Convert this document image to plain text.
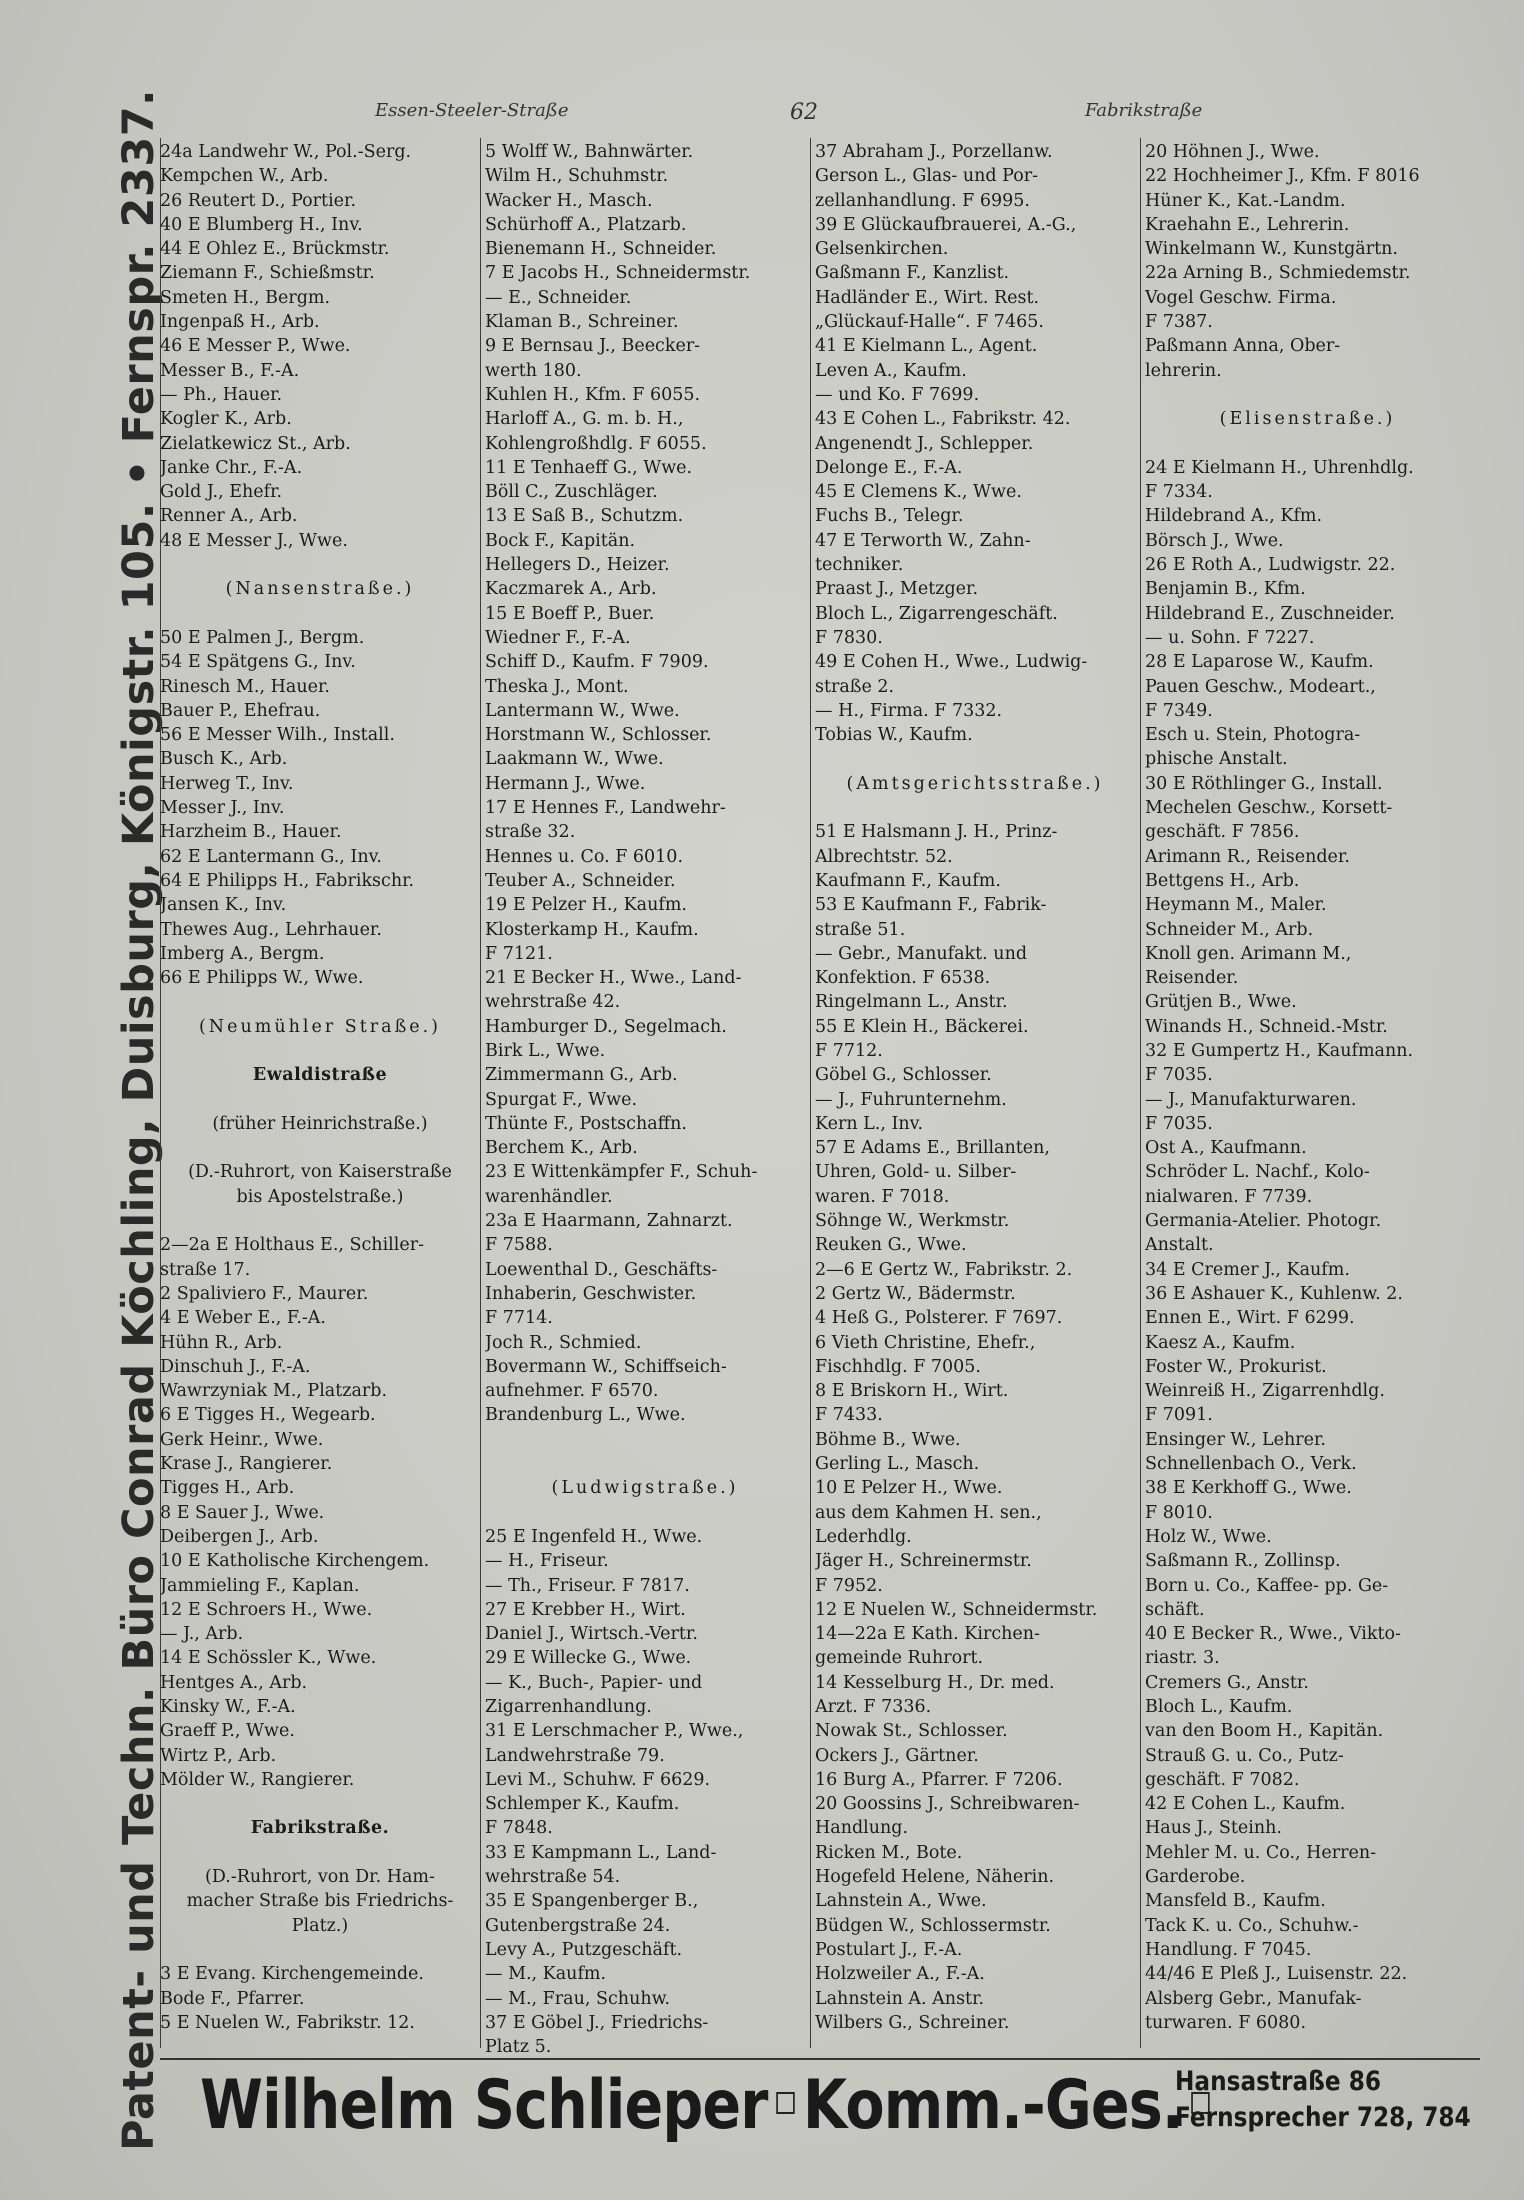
Patent- und Techn. Büro Conrad Köchling, Duisburg, Königstr. 105. • Fernspr. 2337.	Essen-Steeler-Straße	62	Fabrikstraße
24a Landwehr W., Pol.-Serg.
Kempchen W., Arb.
26 Reutert D., Portier.
40 E Blumberg H., Inv.
44 E Ohlez E., Brückmstr.
Ziemann F., Schießmstr.
Smeten H., Bergm.
Ingenpaß H., Arb.
46 E Messer P., Wwe.
Messer B., F.-A.
— Ph., Hauer.
Kogler K., Arb.
Zielatkewicz St., Arb.
Janke Chr., F.-A.
Gold J., Ehefr.
Renner A., Arb.
48 E Messer J., Wwe.
(Nansenstraße.)
50 E Palmen J., Bergm.
54 E Spätgens G., Inv.
Rinesch M., Hauer.
Bauer P., Ehefrau.
56 E Messer Wilh., Install.
Busch K., Arb.
Herweg T., Inv.
Messer J., Inv.
Harzheim B., Hauer.
62 E Lantermann G., Inv.
64 E Philipps H., Fabrikschr.
Jansen K., Inv.
Thewes Aug., Lehrhauer.
Imberg A., Bergm.
66 E Philipps W., Wwe.
(Neumühler Straße.)
Ewaldistraße
(früher Heinrichstraße.)
(D.-Ruhrort, von Kaiserstraße
bis Apostelstraße.)
2—2a E Holthaus E., Schiller-
straße 17.
2 Spaliviero F., Maurer.
4 E Weber E., F.-A.
Hühn R., Arb.
Dinschuh J., F.-A.
Wawrzyniak M., Platzarb.
6 E Tigges H., Wegearb.
Gerk Heinr., Wwe.
Krase J., Rangierer.
Tigges H., Arb.
8 E Sauer J., Wwe.
Deibergen J., Arb.
10 E Katholische Kirchengem.
Jammieling F., Kaplan.
12 E Schroers H., Wwe.
— J., Arb.
14 E Schössler K., Wwe.
Hentges A., Arb.
Kinsky W., F.-A.
Graeff P., Wwe.
Wirtz P., Arb.
Mölder W., Rangierer.
Fabrikstraße.
(D.-Ruhrort, von Dr. Ham-
macher Straße bis Friedrichs-
Platz.)
3 E Evang. Kirchengemeinde.
Bode F., Pfarrer.
5 E Nuelen W., Fabrikstr. 12.
5 Wolff W., Bahnwärter.
Wilm H., Schuhmstr.
Wacker H., Masch.
Schürhoff A., Platzarb.
Bienemann H., Schneider.
7 E Jacobs H., Schneidermstr.
— E., Schneider.
Klaman B., Schreiner.
9 E Bernsau J., Beecker-
werth 180.
Kuhlen H., Kfm. F 6055.
Harloff A., G. m. b. H.,
Kohlengroßhdlg. F 6055.
11 E Tenhaeff G., Wwe.
Böll C., Zuschläger.
13 E Saß B., Schutzm.
Bock F., Kapitän.
Hellegers D., Heizer.
Kaczmarek A., Arb.
15 E Boeff P., Buer.
Wiedner F., F.-A.
Schiff D., Kaufm. F 7909.
Theska J., Mont.
Lantermann W., Wwe.
Horstmann W., Schlosser.
Laakmann W., Wwe.
Hermann J., Wwe.
17 E Hennes F., Landwehr-
straße 32.
Hennes u. Co. F 6010.
Teuber A., Schneider.
19 E Pelzer H., Kaufm.
Klosterkamp H., Kaufm.
F 7121.
21 E Becker H., Wwe., Land-
wehrstraße 42.
Hamburger D., Segelmach.
Birk L., Wwe.
Zimmermann G., Arb.
Spurgat F., Wwe.
Thünte F., Postschaffn.
Berchem K., Arb.
23 E Wittenkämpfer F., Schuh-
warenhändler.
23a E Haarmann, Zahnarzt.
F 7588.
Loewenthal D., Geschäfts-
Inhaberin, Geschwister.
F 7714.
Joch R., Schmied.
Bovermann W., Schiffseich-
aufnehmer. F 6570.
Brandenburg L., Wwe.
(Ludwigstraße.)
25 E Ingenfeld H., Wwe.
— H., Friseur.
— Th., Friseur. F 7817.
27 E Krebber H., Wirt.
Daniel J., Wirtsch.-Vertr.
29 E Willecke G., Wwe.
— K., Buch-, Papier- und
Zigarrenhandlung.
31 E Lerschmacher P., Wwe.,
Landwehrstraße 79.
Levi M., Schuhw. F 6629.
Schlemper K., Kaufm.
F 7848.
33 E Kampmann L., Land-
wehrstraße 54.
35 E Spangenberger B.,
Gutenbergstraße 24.
Levy A., Putzgeschäft.
— M., Kaufm.
— M., Frau, Schuhw.
37 E Göbel J., Friedrichs-
Platz 5.
37 Abraham J., Porzellanw.
Gerson L., Glas- und Por-
zellanhandlung. F 6995.
39 E Glückaufbrauerei, A.-G.,
Gelsenkirchen.
Gaßmann F., Kanzlist.
Hadländer E., Wirt. Rest.
„Glückauf-Halle“. F 7465.
41 E Kielmann L., Agent.
Leven A., Kaufm.
— und Ko. F 7699.
43 E Cohen L., Fabrikstr. 42.
Angenendt J., Schlepper.
Delonge E., F.-A.
45 E Clemens K., Wwe.
Fuchs B., Telegr.
47 E Terworth W., Zahn-
techniker.
Praast J., Metzger.
Bloch L., Zigarrengeschäft.
F 7830.
49 E Cohen H., Wwe., Ludwig-
straße 2.
— H., Firma. F 7332.
Tobias W., Kaufm.
(Amtsgerichtsstraße.)
51 E Halsmann J. H., Prinz-
Albrechtstr. 52.
Kaufmann F., Kaufm.
53 E Kaufmann F., Fabrik-
straße 51.
— Gebr., Manufakt. und
Konfektion. F 6538.
Ringelmann L., Anstr.
55 E Klein H., Bäckerei.
F 7712.
Göbel G., Schlosser.
— J., Fuhrunternehm.
Kern L., Inv.
57 E Adams E., Brillanten,
Uhren, Gold- u. Silber-
waren. F 7018.
Söhnge W., Werkmstr.
Reuken G., Wwe.
2—6 E Gertz W., Fabrikstr. 2.
2 Gertz W., Bädermstr.
4 Heß G., Polsterer. F 7697.
6 Vieth Christine, Ehefr.,
Fischhdlg. F 7005.
8 E Briskorn H., Wirt.
F 7433.
Böhme B., Wwe.
Gerling L., Masch.
10 E Pelzer H., Wwe.
aus dem Kahmen H. sen.,
Lederhdlg.
Jäger H., Schreinermstr.
F 7952.
12 E Nuelen W., Schneidermstr.
14—22a E Kath. Kirchen-
gemeinde Ruhrort.
14 Kesselburg H., Dr. med.
Arzt. F 7336.
Nowak St., Schlosser.
Ockers J., Gärtner.
16 Burg A., Pfarrer. F 7206.
20 Goossins J., Schreibwaren-
Handlung.
Ricken M., Bote.
Hogefeld Helene, Näherin.
Lahnstein A., Wwe.
Büdgen W., Schlossermstr.
Postulart J., F.-A.
Holzweiler A., F.-A.
Lahnstein A. Anstr.
Wilbers G., Schreiner.
20 Höhnen J., Wwe.
22 Hochheimer J., Kfm. F 8016
Hüner K., Kat.-Landm.
Kraehahn E., Lehrerin.
Winkelmann W., Kunstgärtn.
22a Arning B., Schmiedemstr.
Vogel Geschw. Firma.
F 7387.
Paßmann Anna, Ober-
lehrerin.
(Elisenstraße.)
24 E Kielmann H., Uhrenhdlg.
F 7334.
Hildebrand A., Kfm.
Börsch J., Wwe.
26 E Roth A., Ludwigstr. 22.
Benjamin B., Kfm.
Hildebrand E., Zuschneider.
— u. Sohn. F 7227.
28 E Laparose W., Kaufm.
Pauen Geschw., Modeart.,
F 7349.
Esch u. Stein, Photogra-
phische Anstalt.
30 E Röthlinger G., Install.
Mechelen Geschw., Korsett-
geschäft. F 7856.
Arimann R., Reisender.
Bettgens H., Arb.
Heymann M., Maler.
Schneider M., Arb.
Knoll gen. Arimann M.,
Reisender.
Grütjen B., Wwe.
Winands H., Schneid.-Mstr.
32 E Gumpertz H., Kaufmann.
F 7035.
— J., Manufakturwaren.
F 7035.
Ost A., Kaufmann.
Schröder L. Nachf., Kolo-
nialwaren. F 7739.
Germania-Atelier. Photogr.
Anstalt.
34 E Cremer J., Kaufm.
36 E Ashauer K., Kuhlenw. 2.
Ennen E., Wirt. F 6299.
Kaesz A., Kaufm.
Foster W., Prokurist.
Weinreiß H., Zigarrenhdlg.
F 7091.
Ensinger W., Lehrer.
Schnellenbach O., Verk.
38 E Kerkhoff G., Wwe.
F 8010.
Holz W., Wwe.
Saßmann R., Zollinsp.
Born u. Co., Kaffee- pp. Ge-
schäft.
40 E Becker R., Wwe., Vikto-
riastr. 3.
Cremers G., Anstr.
Bloch L., Kaufm.
van den Boom H., Kapitän.
Strauß G. u. Co., Putz-
geschäft. F 7082.
42 E Cohen L., Kaufm.
Haus J., Steinh.
Mehler M. u. Co., Herren-
Garderobe.
Mansfeld B., Kaufm.
Tack K. u. Co., Schuhw.-
Handlung. F 7045.
44/46 E Pleß J., Luisenstr. 22.
Alsberg Gebr., Manufak-
turwaren. F 6080.
Wilhelm Schlieper Komm.-Ges.
Hansastraße 86
Fernsprecher 728, 784
